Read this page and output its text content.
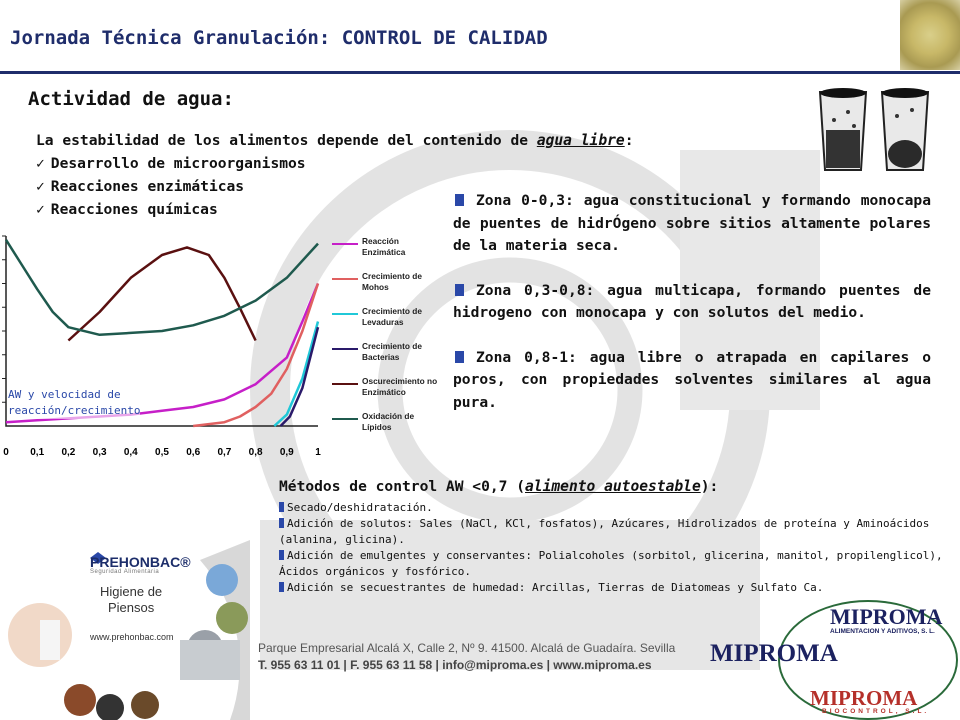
Jornada Técnica Granulación: CONTROL DE CALIDAD
Actividad de agua:
La estabilidad de los alimentos depende del contenido de agua libre:
✓ Desarrollo de microorganismos
✓ Reacciones enzimáticas
✓ Reacciones químicas

Zona 0-0,3: agua constitucional y formando monocapa de puentes de hidrÓgeno sobre sitios altamente polares de la materia seca.

Zona 0,3-0,8: agua multicapa, formando puentes de hidrogeno con monocapa y con solutos del medio.

Zona 0,8-1: agua libre o atrapada en capilares o poros, con propiedades solventes similares al agua pura.

0 0,1 0,2 0,3 0,4 0,5 0,6 0,7 0,8 0,9 1
Reacción Enzimática
Crecimiento de Mohos
Crecimiento de Levaduras
Crecimiento de Bacterias
Oscurecimiento no Enzimático
Oxidación de Lípidos
AW y velocidad de
reacción/crecimiento
Métodos de control AW <0,7 (alimento autoestable):
Secado/deshidratación.
Adición de solutos: Sales (NaCl, KCl, fosfatos), Azúcares, Hidrolizados de proteína y Aminoácidos (alanina, glicina).
Adición de emulgentes y conservantes: Polialcoholes (sorbitol, glicerina, manitol, propilenglicol), Ácidos orgánicos y fosfórico.
Adición se secuestrantes de humedad: Arcillas, Tierras de Diatomeas y Sulfato Ca.
PREHONBAC®
Seguridad Alimentaria
Higiene de
Piensos
www.prehonbac.com
Parque Empresarial Alcalá X, Calle 2, Nº 9. 41500. Alcalá de Guadaíra. Sevilla
T. 955 63 11 01 | F. 955 63 11 58 | info@miproma.es | www.miproma.es
MIPROMA
ALIMENTACION Y ADITIVOS, S. L.
MIPROMA
MIPROMA
BIOCONTROL, S.L.
